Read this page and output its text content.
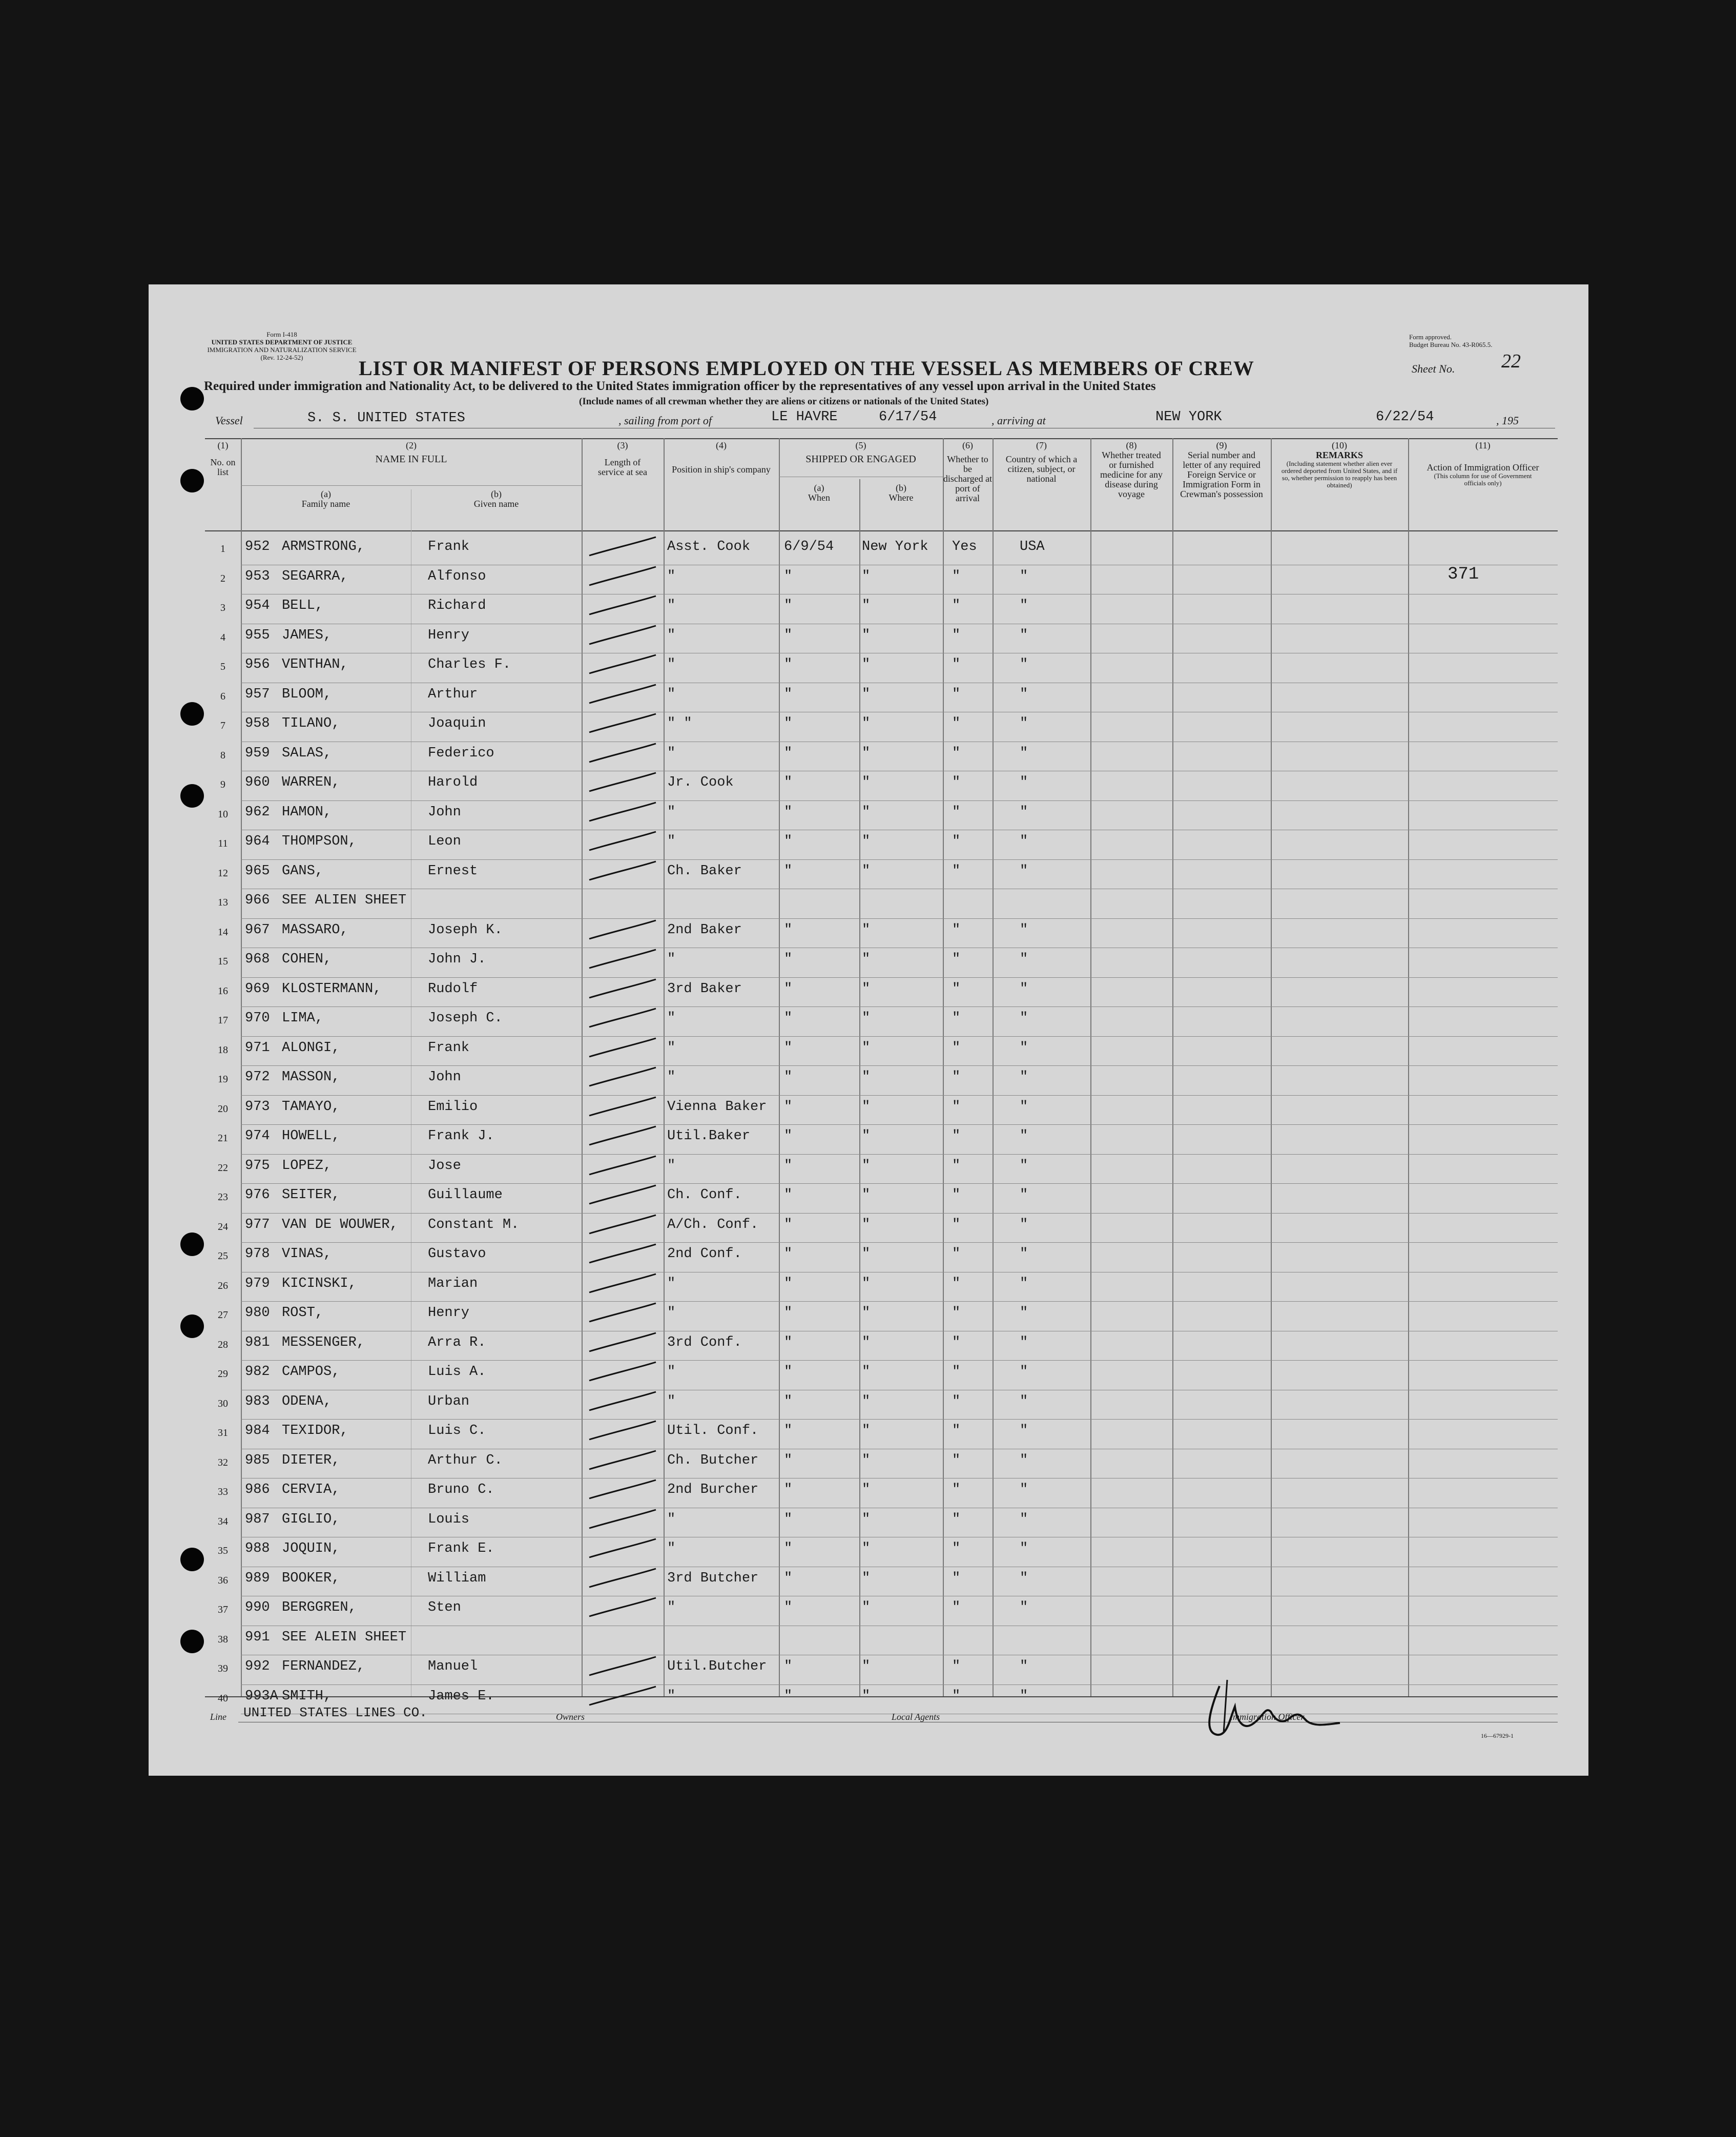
Form I-418
UNITED STATES DEPARTMENT OF JUSTICE
IMMIGRATION AND NATURALIZATION SERVICE
(Rev. 12-24-52)
Form approved.
Budget Bureau No. 43-R065.5.
LIST OR MANIFEST OF PERSONS EMPLOYED ON THE VESSEL AS MEMBERS OF CREW	Sheet No. 22
Required under immigration and Nationality Act, to be delivered to the United States immigration officer by the representatives of any vessel upon arrival in the United States
(Include names of all crewman whether they are aliens or citizens or nationals of the United States)
Vessel	S. S. UNITED STATES	, sailing from port of	LE HAVRE	6/17/54	, arriving at	NEW YORK	6/22/54	, 195
(1)
No. on list
(2)
NAME IN FULL
(a)
Family name
(b)
Given name
(3)
Length of service at sea
(4)
Position in ship's company
(5)
SHIPPED OR ENGAGED
(a)
When
(b)
Where
(6)
Whether to be discharged at port of arrival
(7)
Country of which a citizen, subject, or national
(8)
Whether treated or furnished medicine for any disease during voyage
(9)
Serial number and letter of any required Foreign Service or Immigration Form in Crewman's possession
(10)
REMARKS
(Including statement whether alien ever ordered deported from United States, and if so, whether permission to reapply has been obtained)
(11)
Action of Immigration Officer
(This column for use of Government officials only)
1	952 ARMSTRONG,	Frank	Asst. Cook 6/9/54 New York Yes	USA
2	953 SEGARRA,	Alfonso	"	"	"	"	"	371
3	954 BELL,	Richard	"	"	"	"	"
4	955 JAMES,	Henry	"	"	"	"	"
5	956 VENTHAN,	Charles F.	"	"	"	"	"
6	957 BLOOM,	Arthur	"	"	"	"	"
7	958 TILANO,	Joaquin	" "	"	"	"	"
8	959 SALAS,	Federico	"	"	"	"	"
9	960 WARREN,	Harold	Jr. Cook	"	"	"	"
10	962 HAMON,	John	"	"	"	"	"
11	964 THOMPSON,	Leon	"	"	"	"	"
12	965 GANS,	Ernest	Ch. Baker	"	"	"	"
13	966 SEE ALIEN SHEET
14	967 MASSARO,	Joseph K.	2nd Baker	"	"	"	"
15	968 COHEN,	John J.	"	"	"	"	"
16	969 KLOSTERMANN,	Rudolf	3rd Baker	"	"	"	"
17	970 LIMA,	Joseph C.	"	"	"	"	"
18	971 ALONGI,	Frank	"	"	"	"	"
19	972 MASSON,	John	"	"	"	"	"
20	973 TAMAYO,	Emilio	Vienna Baker "	"	"	"
21	974 HOWELL,	Frank J.	Util.Baker "	"	"	"
22	975 LOPEZ,	Jose	"	"	"	"	"
23	976 SEITER,	Guillaume	Ch. Conf.	"	"	"	"
24	977 VAN DE WOUWER, Constant M.	A/Ch. Conf. "	"	"	"
25	978 VINAS,	Gustavo	2nd Conf.	"	"	"	"
26	979 KICINSKI,	Marian	"	"	"	"	"
27	980 ROST,	Henry	"	"	"	"	"
28	981 MESSENGER,	Arra R.	3rd Conf.	"	"	"	"
29	982 CAMPOS,	Luis A.	"	"	"	"	"
30	983 ODENA,	Urban	"	"	"	"	"
31	984 TEXIDOR,	Luis C.	Util. Conf. "	"	"	"
32	985 DIETER,	Arthur C.	Ch. Butcher "	"	"	"
33	986 CERVIA,	Bruno C.	2nd Burcher "	"	"	"
34	987 GIGLIO,	Louis	"	"	"	"	"
35	988 JOQUIN,	Frank E.	"	"	"	"	"
36	989 BOOKER,	William	3rd Butcher "	"	"	"
37	990 BERGGREN,	Sten	"	"	"	"	"
38	991 SEE ALEIN SHEET
39	992 FERNANDEZ,	Manuel	Util.Butcher "	"	"	"
40	993A SMITH,	James E.	"	"	"	"	"
Line UNITED STATES LINES CO.	Owners	Local Agents	Immigration Officer
16—67929-1
